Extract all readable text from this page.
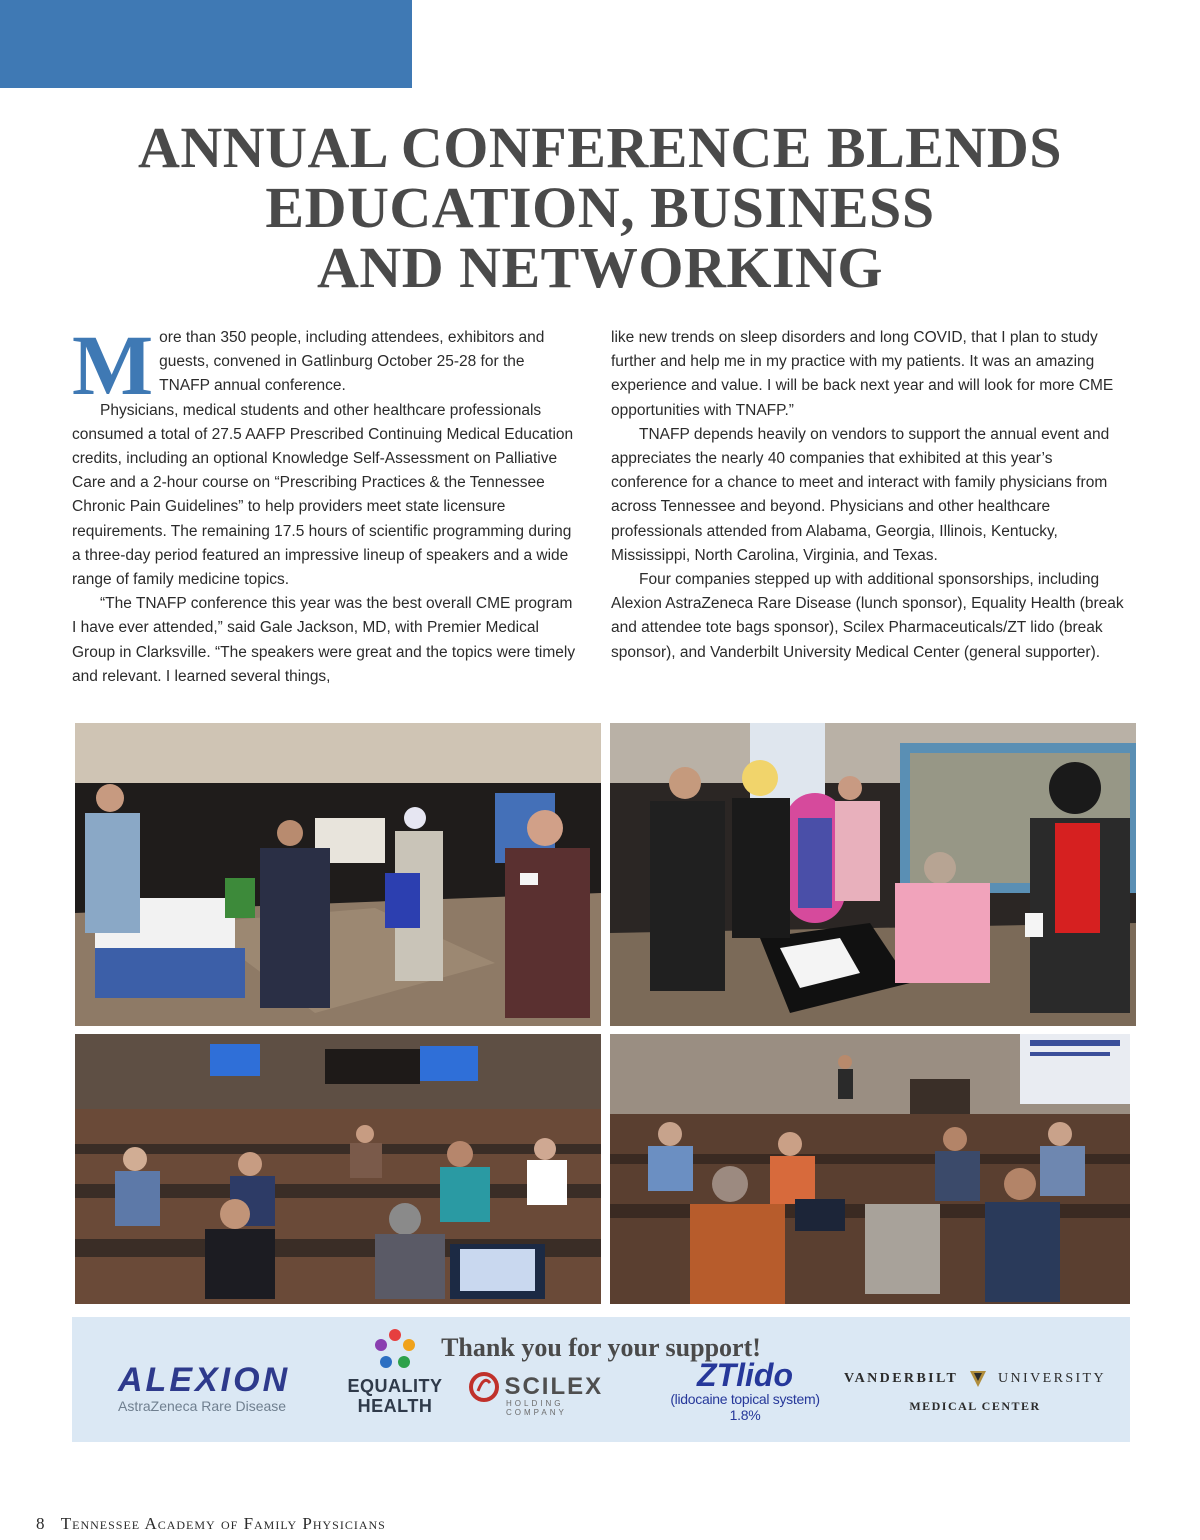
ANNUAL CONFERENCE BLENDS
EDUCATION, BUSINESS
AND NETWORKING

More than 350 people, including attendees, exhibitors and guests, convened in Gatlinburg October 25-28 for the TNAFP annual conference.

Physicians, medical students and other healthcare professionals consumed a total of 27.5 AAFP Prescribed Continuing Medical Education credits, including an optional Knowledge Self-Assessment on Palliative Care and a 2-hour course on “Prescribing Practices & the Tennessee Chronic Pain Guidelines” to help providers meet state licensure requirements. The remaining 17.5 hours of scientific programming during a three-day period featured an impressive lineup of speakers and a wide range of family medicine topics.

“The TNAFP conference this year was the best overall CME program I have ever attended,” said Gale Jackson, MD, with Premier Medical Group in Clarksville. “The speakers were great and the topics were timely and relevant. I learned several things,

like new trends on sleep disorders and long COVID, that I plan to study further and help me in my practice with my patients. It was an amazing experience and value. I will be back next year and will look for more CME opportunities with TNAFP.”

TNAFP depends heavily on vendors to support the annual event and appreciates the nearly 40 companies that exhibited at this year’s conference for a chance to meet and interact with family physicians from across Tennessee and beyond. Physicians and other healthcare professionals attended from Alabama, Georgia, Illinois, Kentucky, Mississippi, North Carolina, Virginia, and Texas.

Four companies stepped up with additional sponsorships, including Alexion AstraZeneca Rare Disease (lunch sponsor), Equality Health (break and attendee tote bags sponsor), Scilex Pharmaceuticals/ZT lido (break sponsor), and Vanderbilt University Medical Center (general supporter).

Thank you for your support!
ALEXION
AstraZeneca Rare Disease
EQUALITY
HEALTH
SCILEX
HOLDING COMPANY
ZTlido
(lidocaine topical system) 1.8%
VANDERBILT	UNIVERSITY
MEDICAL CENTER
8 Tennessee Academy of Family Physicians
